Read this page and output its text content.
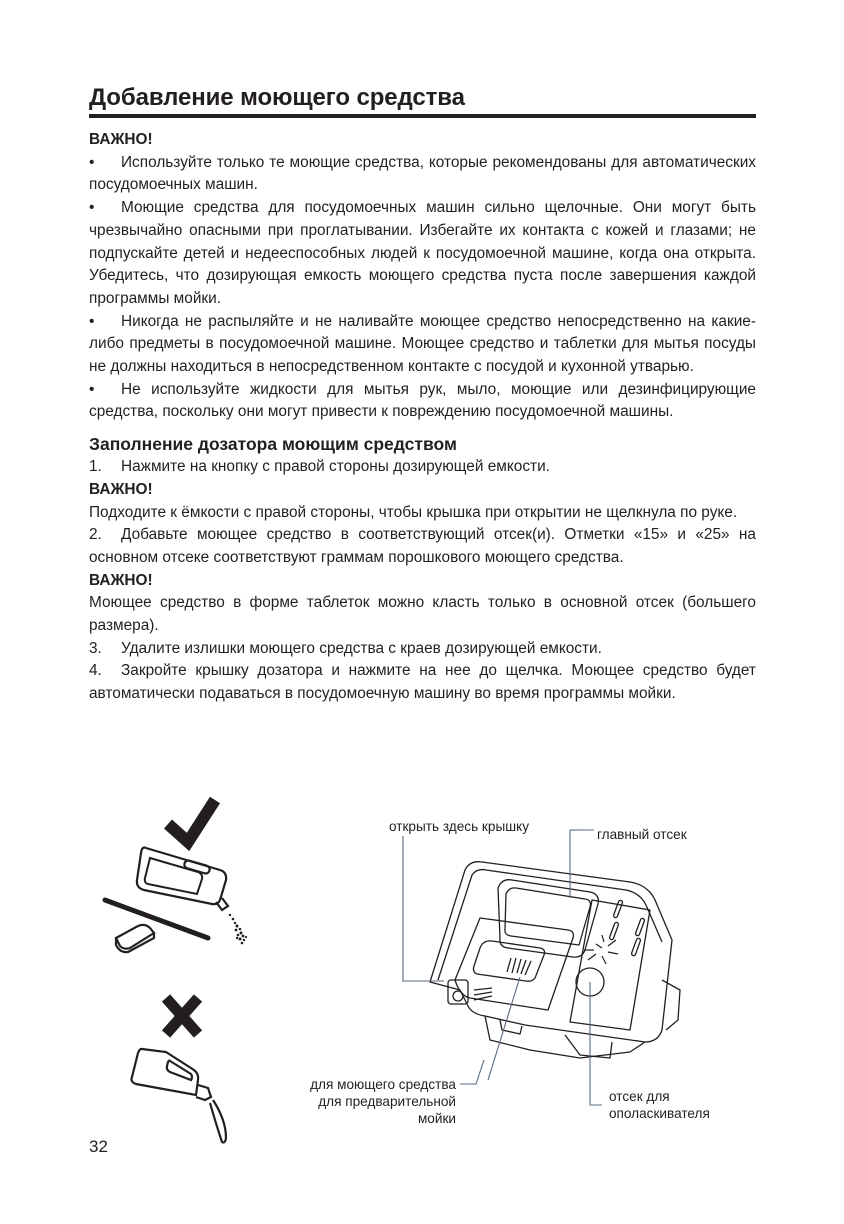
Добавление моющего средства

ВАЖНО!

• Используйте только те моющие средства, которые рекомендованы для автоматических посудомоечных машин.

• Моющие средства для посудомоечных машин сильно щелочные. Они могут быть чрезвычайно опасными при проглатывании. Избегайте их контакта с кожей и глазами; не подпускайте детей и недееспособных людей к посудомоечной машине, когда она открыта. Убедитесь, что дозирующая емкость моющего средства пуста после завершения каждой программы мойки.

• Никогда не распыляйте и не наливайте моющее средство непосредственно на какие-либо предметы в посудомоечной машине. Моющее средство и таблетки для мытья посуды не должны находиться в непосредственном контакте с посудой и кухонной утварью.

• Не используйте жидкости для мытья рук, мыло, моющие или дезинфицирующие средства, поскольку они могут привести к повреждению посудомоечной машины.

Заполнение дозатора моющим средством

1. Нажмите на кнопку с правой стороны дозирующей емкости.

ВАЖНО!

Подходите к ёмкости с правой стороны, чтобы крышка при открытии не щелкнула по руке.

2. Добавьте моющее средство в соответствующий отсек(и). Отметки «15» и «25» на основном отсеке соответствуют граммам порошкового моющего средства.

ВАЖНО!

Моющее средство в форме таблеток можно класть только в основной отсек (большего размера).

3. Удалите излишки моющего средства с краев дозирующей емкости.

4. Закройте крышку дозатора и нажмите на нее до щелчка. Моющее средство будет автоматически подаваться в посудомоечную машину во время программы мойки.

открыть здесь крышку
главный отсек
для моющего средства
для предварительной
мойки
отсек для
ополаскивателя
32
